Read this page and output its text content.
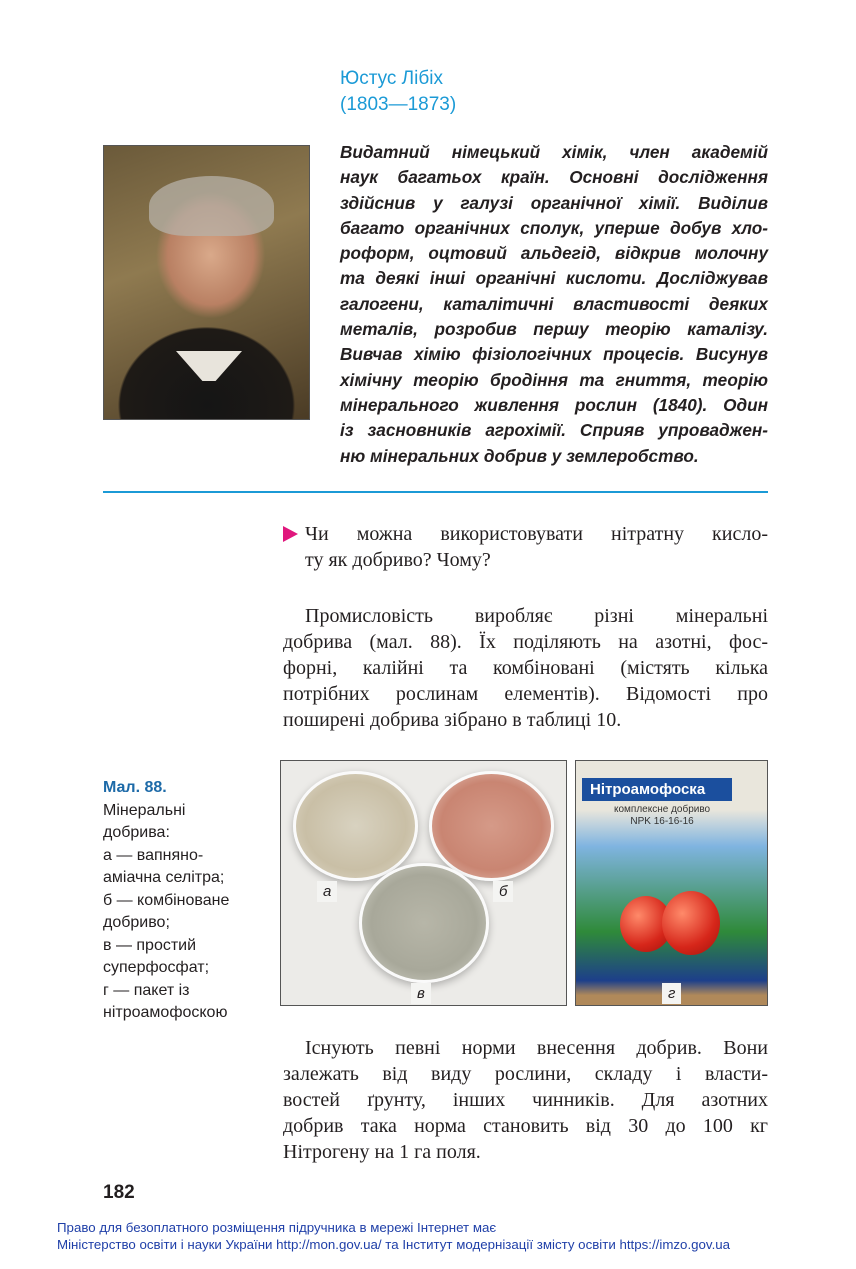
Юстус Лібіх
(1803—1873)
Видатний німецький хімік, член академій
наук багатьох країн. Основні дослідження
здійснив у галузі органічної хімії. Виділив
багато органічних сполук, уперше добув хло-
роформ, оцтовий альдегід, відкрив молочну
та деякі інші органічні кислоти. Досліджував
галогени, каталітичні властивості деяких
металів, розробив першу теорію каталізу.
Вивчав хімію фізіологічних процесів. Висунув
хімічну теорію бродіння та гниття, теорію
мінерального живлення рослин (1840). Один
із засновників агрохімії. Сприяв упроваджен-
ню мінеральних добрив у землеробство.
Чи можна використовувати нітратну кисло-
ту як добриво? Чому?
Промисловість виробляє різні мінеральні
добрива (мал. 88). Їх поділяють на азотні, фос-
форні, калійні та комбіновані (містять кілька
потрібних рослинам елементів). Відомості про
поширені добрива зібрано в таблиці 10.
Мал. 88.
Мінеральні
добрива:
а — вапняно-
аміачна селітра;
б — комбіноване
добриво;
в — простий
суперфосфат;
г — пакет із
нітроамофоскою
а	б
в
Нітроамофоска
комплексне добриво
NPK 16-16-16
г
Існують певні норми внесення добрив. Вони
залежать від виду рослини, складу і власти-
востей ґрунту, інших чинників. Для азотних
добрив така норма становить від 30 до 100 кг
Нітрогену на 1 га поля.
182
Право для безоплатного розміщення підручника в мережі Інтернет має
Міністерство освіти і науки України http://mon.gov.ua/ та Інститут модернізації змісту освіти https://imzo.gov.ua
